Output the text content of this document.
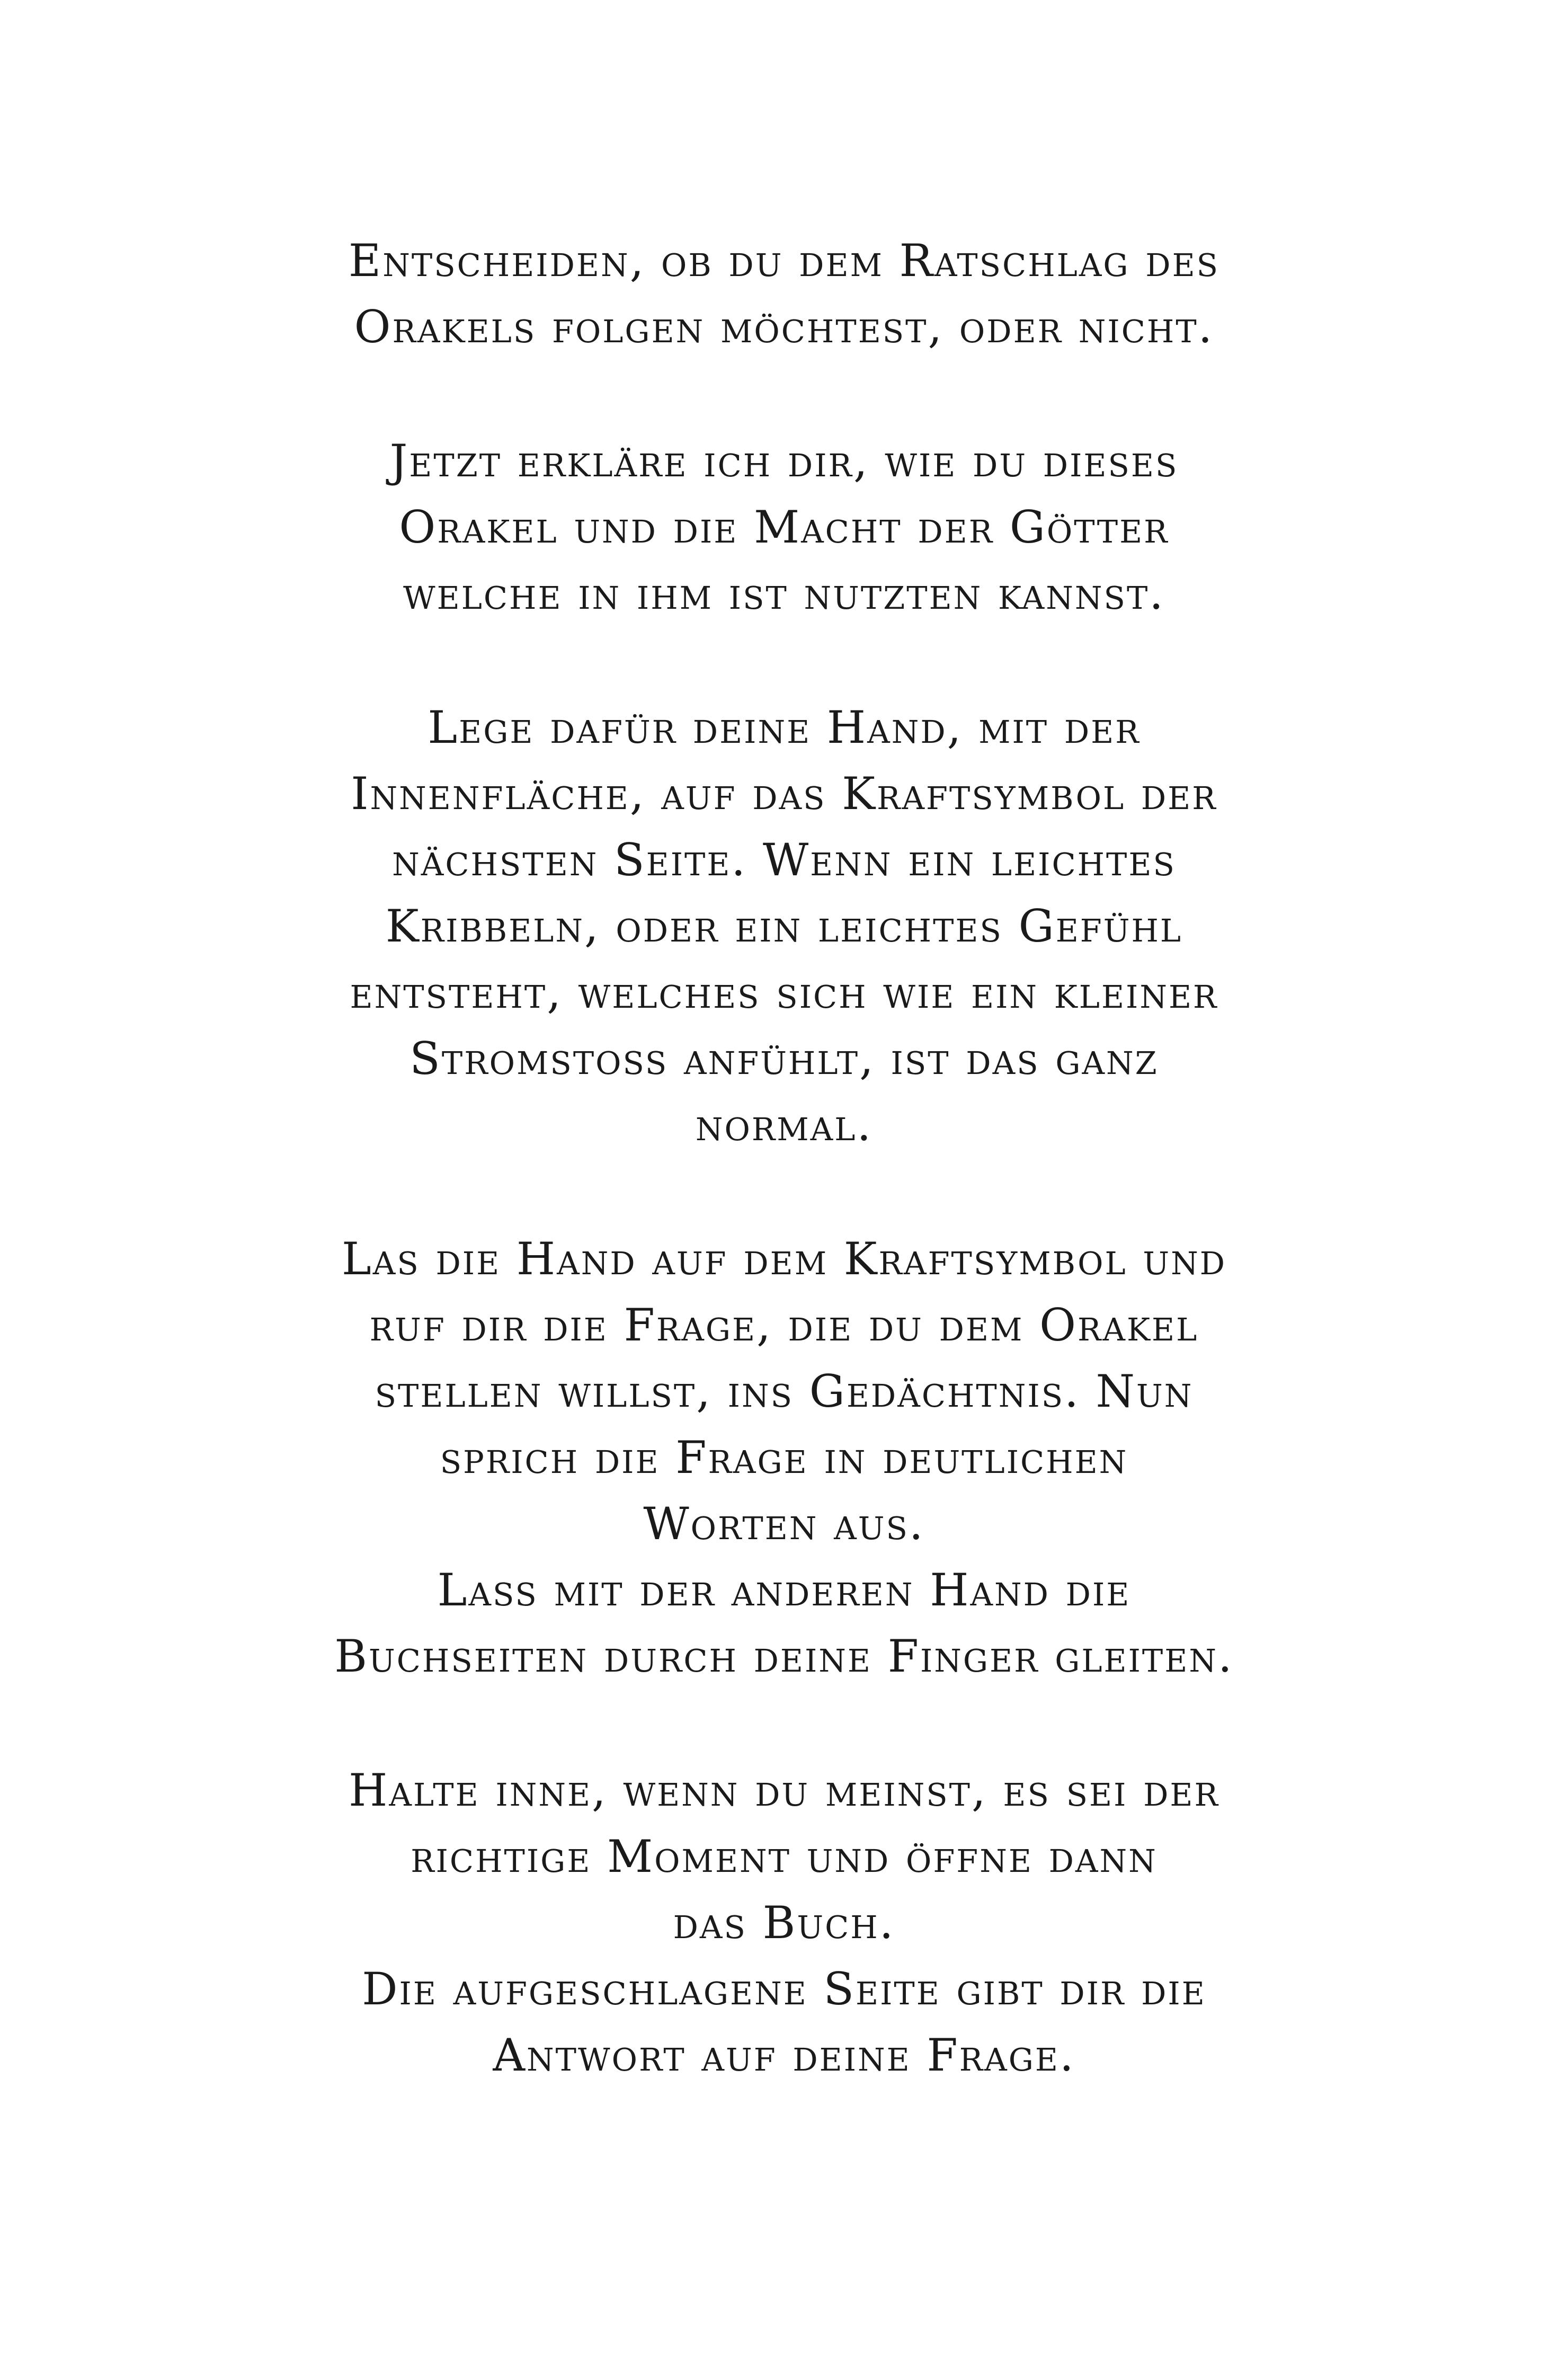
Entscheiden, ob du dem Ratschlag des
Orakels folgen möchtest, oder nicht.

Jetzt erkläre ich dir, wie du dieses
Orakel und die Macht der Götter
welche in ihm ist nutzten kannst.

Lege dafür deine Hand, mit der
Innenfläche, auf das Kraftsymbol der
nächsten Seite. Wenn ein leichtes
Kribbeln, oder ein leichtes Gefühl
entsteht, welches sich wie ein kleiner
Stromstoss anfühlt, ist das ganz
normal.

Las die Hand auf dem Kraftsymbol und
ruf dir die Frage, die du dem Orakel
stellen willst, ins Gedächtnis. Nun
sprich die Frage in deutlichen
Worten aus.
Lass mit der anderen Hand die
Buchseiten durch deine Finger gleiten.

Halte inne, wenn du meinst, es sei der
richtige Moment und öffne dann
das Buch.
Die aufgeschlagene Seite gibt dir die
Antwort auf deine Frage.
